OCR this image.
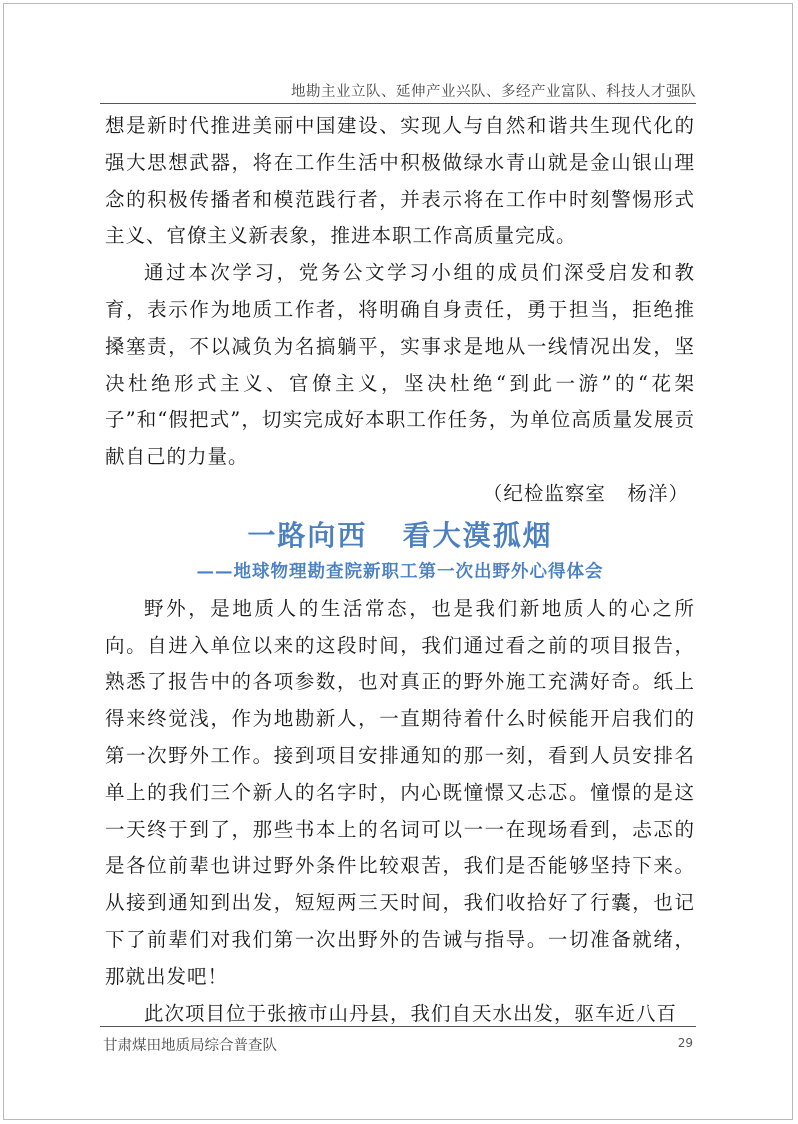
地勘主业立队、延伸产业兴队、多经产业富队、科技人才强队

想是新时代推进美丽中国建设、实现人与自然和谐共生现代化的强大思想武器，将在工作生活中积极做绿水青山就是金山银山理念的积极传播者和模范践行者，并表示将在工作中时刻警惕形式主义、官僚主义新表象，推进本职工作高质量完成。

通过本次学习，党务公文学习小组的成员们深受启发和教育，表示作为地质工作者，将明确自身责任，勇于担当，拒绝推搡塞责，不以减负为名搞躺平，实事求是地从一线情况出发，坚决杜绝形式主义、官僚主义，坚决杜绝“到此一游”的“花架子”和“假把式”，切实完成好本职工作任务，为单位高质量发展贡献自己的力量。

（纪检监察室   杨洋）

一路向西   看大漠孤烟
——地球物理勘查院新职工第一次出野外心得体会

野外，是地质人的生活常态，也是我们新地质人的心之所向。自进入单位以来的这段时间，我们通过看之前的项目报告，熟悉了报告中的各项参数，也对真正的野外施工充满好奇。纸上得来终觉浅，作为地勘新人，一直期待着什么时候能开启我们的第一次野外工作。接到项目安排通知的那一刻，看到人员安排名单上的我们三个新人的名字时，内心既憧憬又忐忑。憧憬的是这一天终于到了，那些书本上的名词可以一一在现场看到，忐忑的是各位前辈也讲过野外条件比较艰苦，我们是否能够坚持下来。从接到通知到出发，短短两三天时间，我们收拾好了行囊，也记下了前辈们对我们第一次出野外的告诫与指导。一切准备就绪，那就出发吧！

此次项目位于张掖市山丹县，我们自天水出发，驱车近八百

甘肃煤田地质局综合普查队	29
